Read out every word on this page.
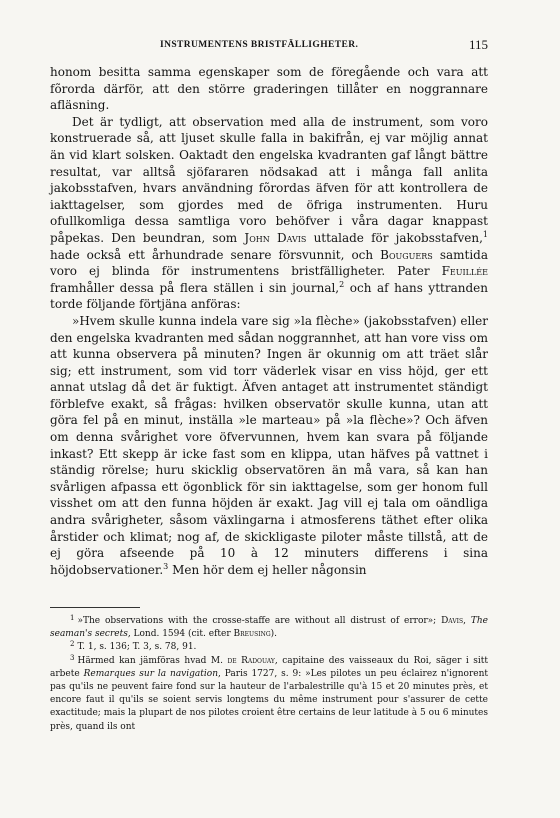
INSTRUMENTENS BRISTFÄLLIGHETER.	115

honom besitta samma egenskaper som de föregående och vara att fõrorda därför, att den större graderingen tillåter en noggrannare afläsning.

Det är tydligt, att observation med alla de instrument, som voro konstruerade så, att ljuset skulle falla in bakifrån, ej var möjlig annat än vid klart solsken. Oaktadt den engelska kvadranten gaf långt bättre resultat, var alltså sjöfararen nödsakad att i många fall anlita jakobsstafven, hvars användning fõrordas äfven för att kontrollera de iakttagelser, som gjordes med de öfriga instrumenten. Huru ofullkomliga dessa samtliga voro behöfver i våra dagar knappast påpekas. Den beundran, som John Davis uttalade för jakobsstafven,$^1$ hade också ett århundrade senare försvunnit, och Bouguers samtida voro ej blinda för instrumentens bristfälligheter. Pater Feuillée framhåller dessa på flera ställen i sin journal,$^2$ och af hans yttranden torde följande förtjäna anföras:

»Hvem skulle kunna indela vare sig »la flèche» (jakobsstafven) eller den engelska kvadranten med sådan noggrannhet, att han vore viss om att kunna observera på minuten? Ingen är okunnig om att träet slår sig; ett instrument, som vid torr väderlek visar en viss höjd, ger ett annat utslag då det är fuktigt. Äfven antaget att instrumentet ständigt förblefve exakt, så frågas: hvilken observatör skulle kunna, utan att göra fel på en minut, inställa »le marteau» på »la flèche»? Och äfven om denna svårighet vore öfvervunnen, hvem kan svara på följande inkast? Ett skepp är icke fast som en klippa, utan häfves på vattnet i ständig rörelse; huru skicklig observatören än må vara, så kan han svårligen afpassa ett ögonblick för sin iakttagelse, som ger honom full visshet om att den funna höjden är exakt. Jag vill ej tala om oändliga andra svårigheter, såsom växlingarna i atmosferens täthet efter olika årstider och klimat; nog af, de skickligaste piloter måste tillstå, att de ej göra afseende på 10 à 12 minuters differens i sina höjdobservationer.$^3$ Men hör dem ej heller någonsin

$^1$ »The observations with the crosse-staffe are without all distrust of error»; Davis, The seaman's secrets, Lond. 1594 (cit. efter Breusing).

$^2$ T. 1, s. 136; T. 3, s. 78, 91.

$^3$ Härmed kan jämföras hvad M. de Radouay, capitaine des vaisseaux du Roi, säger i sitt arbete Remarques sur la navigation, Paris 1727, s. 9: »Les pilotes un peu éclairez n'ignorent pas qu'ils ne peuvent faire fond sur la hauteur de l'arbalestrille qu'à 15 et 20 minutes près, et encore faut il qu'ils se soient servis longtems du même instrument pour s'assurer de cette exactitude; mais la plupart de nos pilotes croient être certains de leur latitude à 5 ou 6 minutes près, quand ils ont
